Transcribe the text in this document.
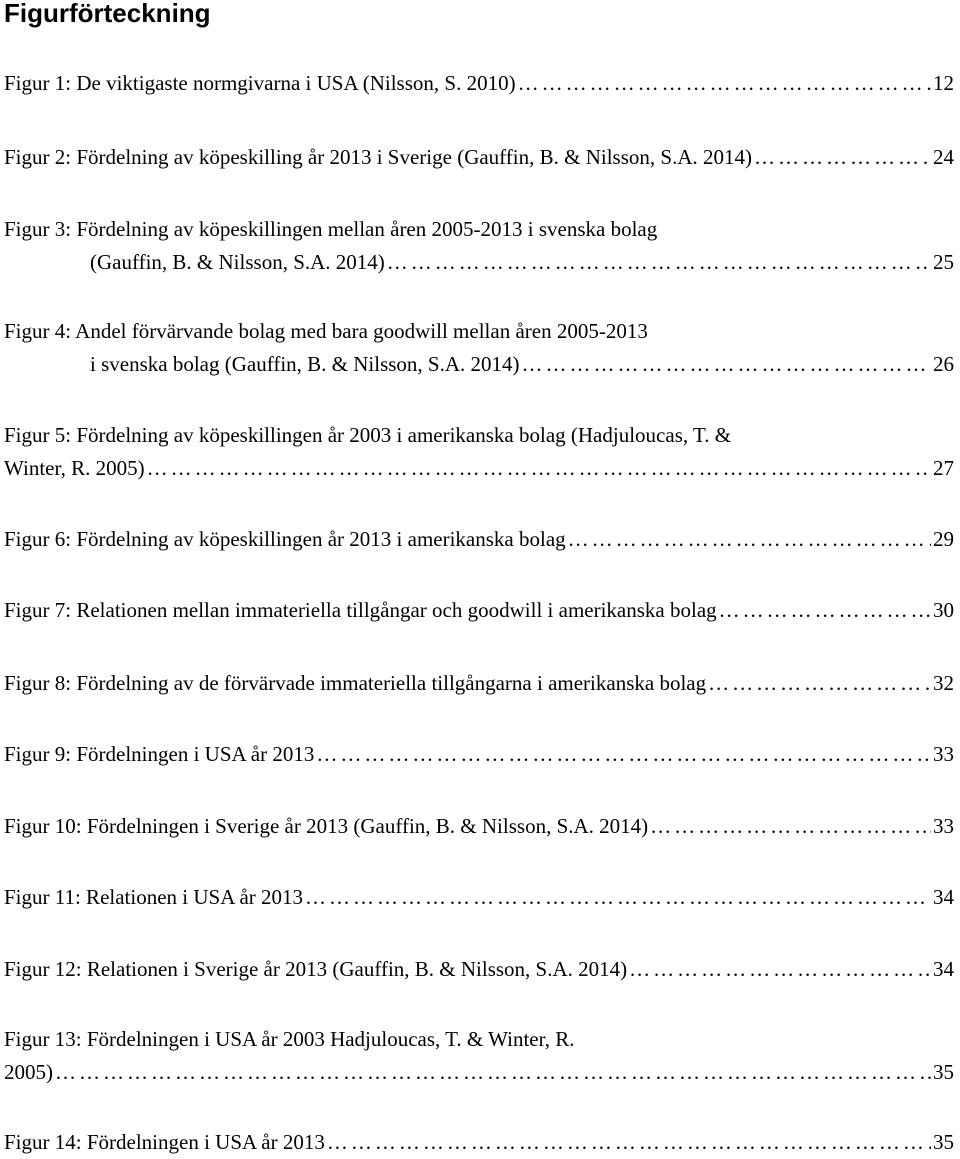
Figurförteckning
Figur 1: De viktigaste normgivarna i USA (Nilsson, S. 2010) …………………………………………………………………………………………………………………………………………………………………	12
Figur 2: Fördelning av köpeskilling år 2013 i Sverige (Gauffin, B. & Nilsson, S.A. 2014) …………………………………………………………………………………………………………………………………………………………………	24
Figur 3: Fördelning av köpeskillingen mellan åren 2005-2013 i svenska bolag
(Gauffin, B. & Nilsson, S.A. 2014) …………………………………………………………………………………………………………………………………………………………………	25
Figur 4: Andel förvärvande bolag med bara goodwill mellan åren 2005-2013
i svenska bolag (Gauffin, B. & Nilsson, S.A. 2014) …………………………………………………………………………………………………………………………………………………………………	26
Figur 5: Fördelning av köpeskillingen år 2003 i amerikanska bolag (Hadjuloucas, T. &
Winter, R. 2005) …………………………………………………………………………………………………………………………………………………………………	27
Figur 6: Fördelning av köpeskillingen år 2013 i amerikanska bolag …………………………………………………………………………………………………………………………………………………………………	29
Figur 7: Relationen mellan immateriella tillgångar och goodwill i amerikanska bolag …………………………………………………………………………………………………………………………………………………………………	30
Figur 8: Fördelning av de förvärvade immateriella tillgångarna i amerikanska bolag …………………………………………………………………………………………………………………………………………………………………	32
Figur 9: Fördelningen i USA år 2013 …………………………………………………………………………………………………………………………………………………………………	33
Figur 10: Fördelningen i Sverige år 2013 (Gauffin, B. & Nilsson, S.A. 2014) …………………………………………………………………………………………………………………………………………………………………	33
Figur 11: Relationen i USA år 2013 …………………………………………………………………………………………………………………………………………………………………	34
Figur 12: Relationen i Sverige år 2013 (Gauffin, B. & Nilsson, S.A. 2014) …………………………………………………………………………………………………………………………………………………………………	34
Figur 13: Fördelningen i USA år 2003 Hadjuloucas, T. & Winter, R.
2005) …………………………………………………………………………………………………………………………………………………………………	35
Figur 14: Fördelningen i USA år 2013 …………………………………………………………………………………………………………………………………………………………………	35
